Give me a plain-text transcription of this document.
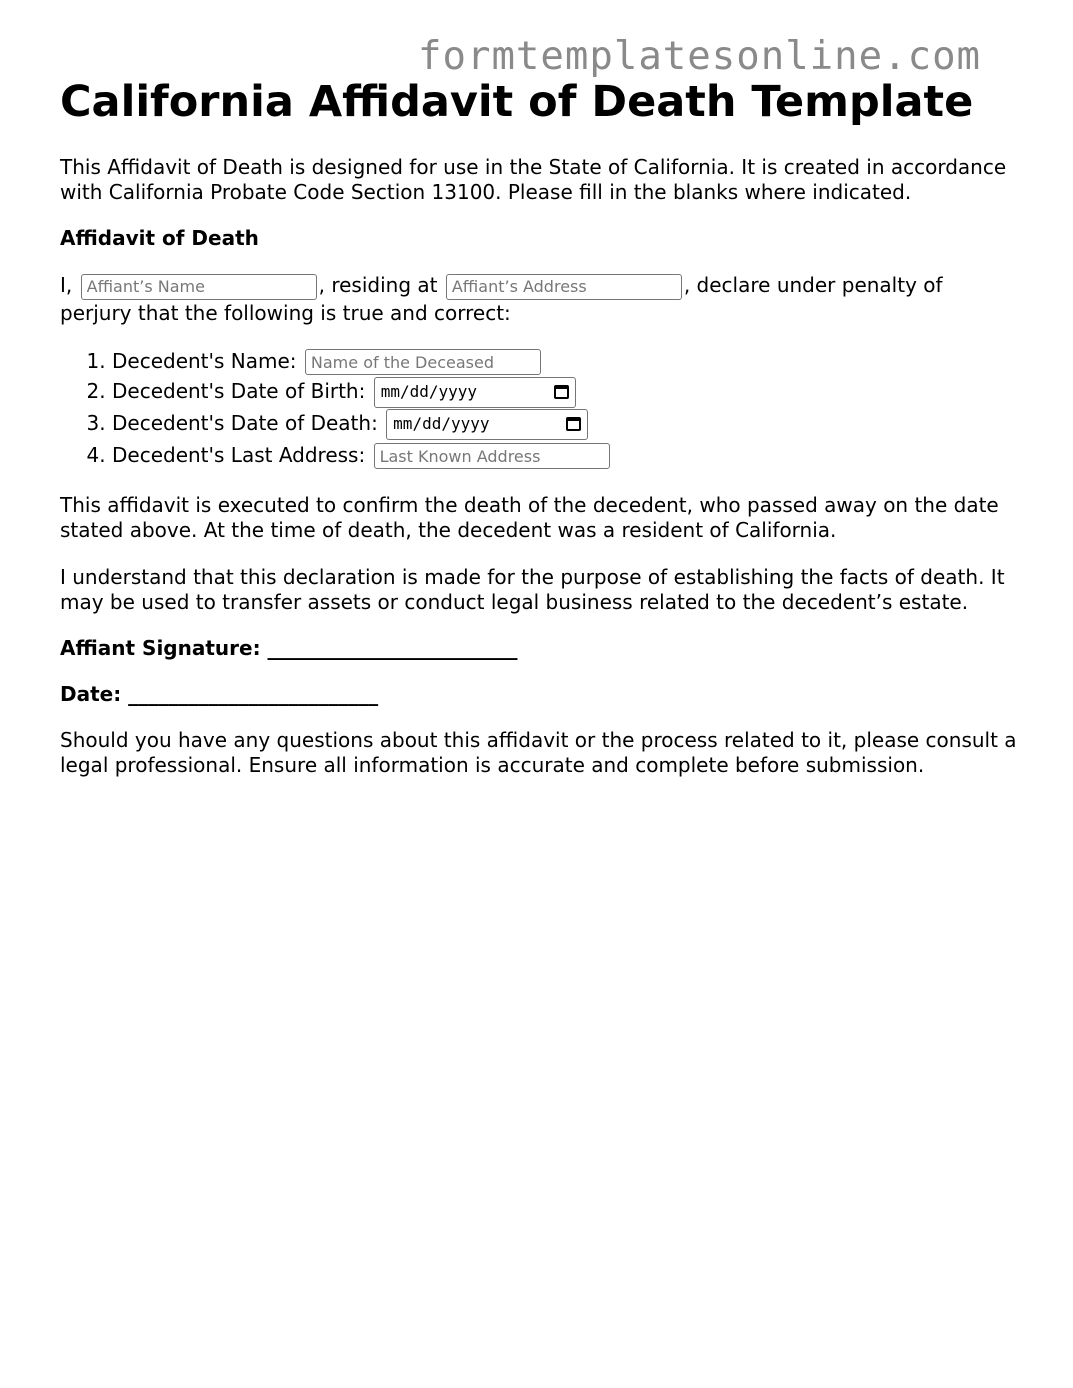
formtemplatesonline.com
California Affidavit of Death Template

This Affidavit of Death is designed for use in the State of California. It is created in accordance with California Probate Code Section 13100. Please fill in the blanks where indicated.

Affidavit of Death

I, Affiant’s Name	, residing at Affiant’s Address	, declare under penalty of perjury that the following is true and correct:

1. Decedent's Name: Name of the Deceased
2. Decedent's Date of Birth: mm/dd/yyyy
3. Decedent's Date of Death: mm/dd/yyyy
4. Decedent's Last Address: Last Known Address

This affidavit is executed to confirm the death of the decedent, who passed away on the date stated above. At the time of death, the decedent was a resident of California.

I understand that this declaration is made for the purpose of establishing the facts of death. It may be used to transfer assets or conduct legal business related to the decedent’s estate.

Affiant Signature: _________________________
Date: _________________________

Should you have any questions about this affidavit or the process related to it, please consult a legal professional. Ensure all information is accurate and complete before submission.
